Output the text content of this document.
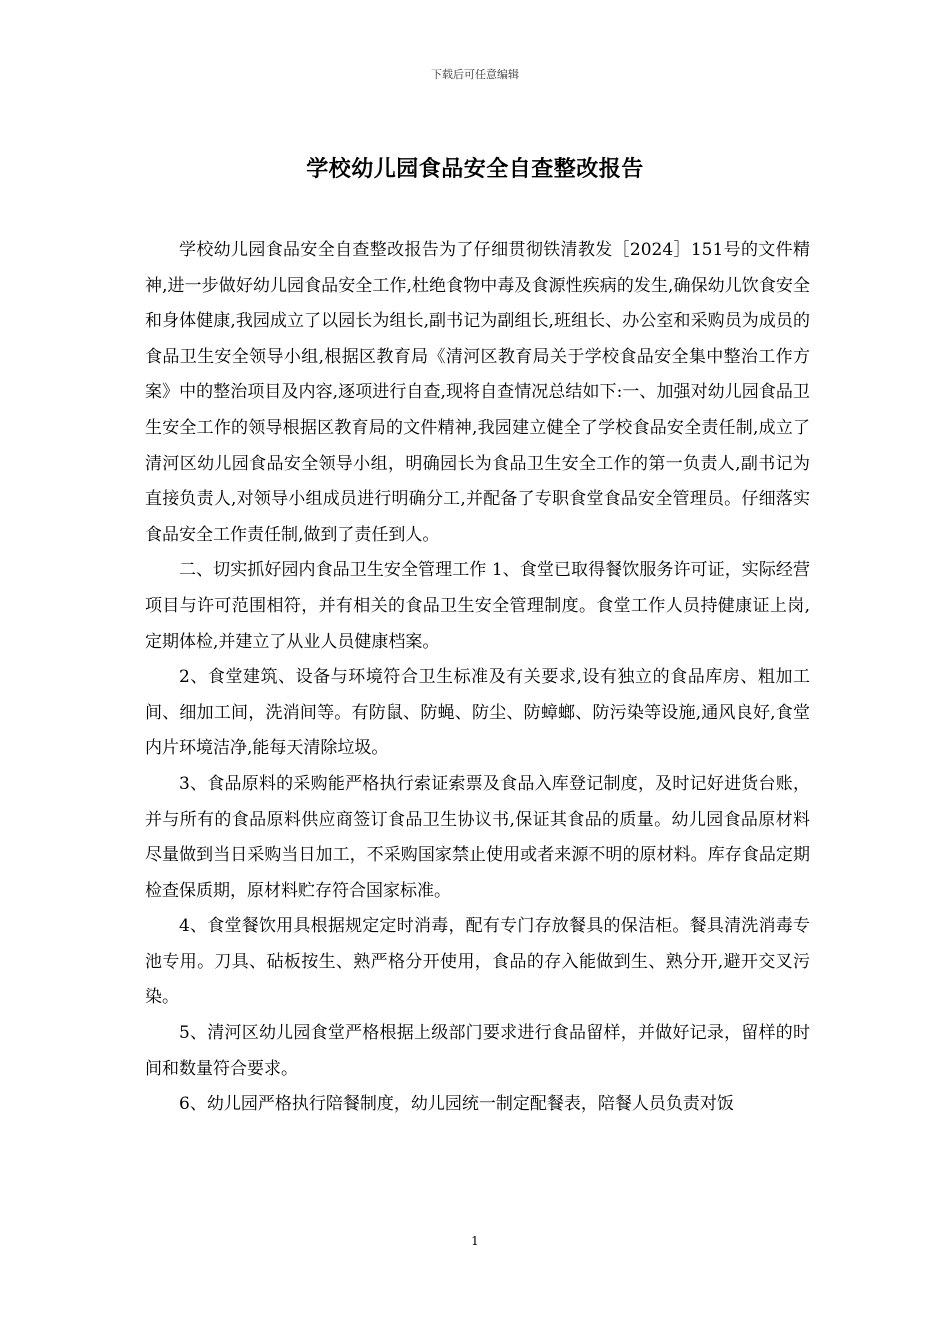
下载后可任意编辑
学校幼儿园食品安全自查整改报告

学校幼儿园食品安全自查整改报告为了仔细贯彻铁清教发［2024］151号的文件精神,进一步做好幼儿园食品安全工作,杜绝食物中毒及食源性疾病的发生,确保幼儿饮食安全和身体健康,我园成立了以园长为组长,副书记为副组长,班组长、办公室和采购员为成员的食品卫生安全领导小组,根据区教育局《清河区教育局关于学校食品安全集中整治工作方案》中的整治项目及内容,逐项进行自查,现将自查情况总结如下:一、加强对幼儿园食品卫生安全工作的领导根据区教育局的文件精神,我园建立健全了学校食品安全责任制,成立了清河区幼儿园食品安全领导小组，明确园长为食品卫生安全工作的第一负责人,副书记为直接负责人,对领导小组成员进行明确分工,并配备了专职食堂食品安全管理员。仔细落实食品安全工作责任制,做到了责任到人。

二、切实抓好园内食品卫生安全管理工作 1、食堂已取得餐饮服务许可证，实际经营项目与许可范围相符，并有相关的食品卫生安全管理制度。食堂工作人员持健康证上岗,定期体检,并建立了从业人员健康档案。

2、食堂建筑、设备与环境符合卫生标准及有关要求,设有独立的食品库房、粗加工间、细加工间，洗消间等。有防鼠、防蝇、防尘、防蟑螂、防污染等设施,通风良好,食堂内片环境洁净,能每天清除垃圾。

3、食品原料的采购能严格执行索证索票及食品入库登记制度，及时记好进货台账，并与所有的食品原料供应商签订食品卫生协议书,保证其食品的质量。幼儿园食品原材料尽量做到当日采购当日加工，不采购国家禁止使用或者来源不明的原材料。库存食品定期检查保质期，原材料贮存符合国家标准。

4、食堂餐饮用具根据规定定时消毒，配有专门存放餐具的保洁柜。餐具清洗消毒专池专用。刀具、砧板按生、熟严格分开使用，食品的存入能做到生、熟分开,避开交叉污染。

5、清河区幼儿园食堂严格根据上级部门要求进行食品留样，并做好记录，留样的时间和数量符合要求。

6、幼儿园严格执行陪餐制度，幼儿园统一制定配餐表，陪餐人员负责对饭

1
